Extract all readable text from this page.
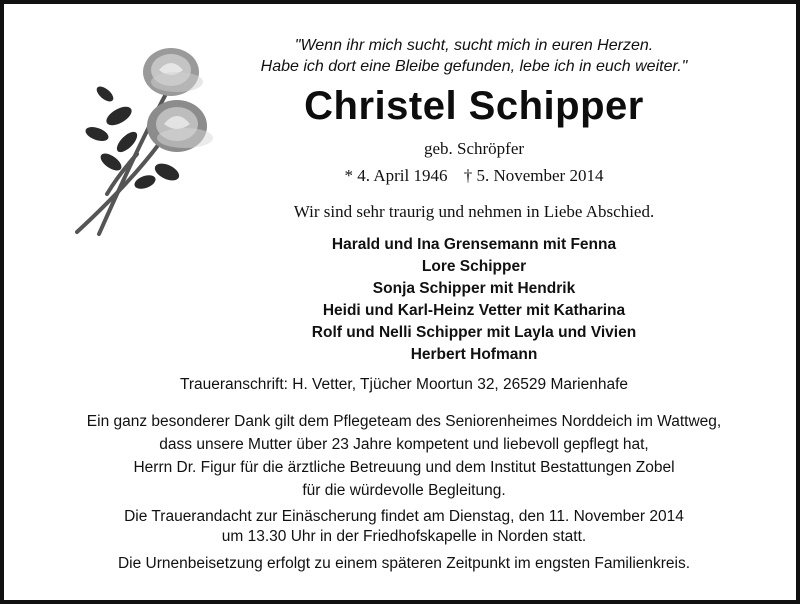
"Wenn ihr mich sucht, sucht mich in euren Herzen.
Habe ich dort eine Bleibe gefunden, lebe ich in euch weiter."
Christel Schipper
geb. Schröpfer
* 4. April 1946 † 5. November 2014
Wir sind sehr traurig und nehmen in Liebe Abschied.
Harald und Ina Grensemann mit Fenna
Lore Schipper
Sonja Schipper mit Hendrik
Heidi und Karl-Heinz Vetter mit Katharina
Rolf und Nelli Schipper mit Layla und Vivien
Herbert Hofmann
Traueranschrift: H. Vetter, Tjücher Moortun 32, 26529 Marienhafe
Ein ganz besonderer Dank gilt dem Pflegeteam des Seniorenheimes Norddeich im Wattweg,
dass unsere Mutter über 23 Jahre kompetent und liebevoll gepflegt hat,
Herrn Dr. Figur für die ärztliche Betreuung und dem Institut Bestattungen Zobel
für die würdevolle Begleitung.
Die Trauerandacht zur Einäscherung findet am Dienstag, den 11. November 2014
um 13.30 Uhr in der Friedhofskapelle in Norden statt.
Die Urnenbeisetzung erfolgt zu einem späteren Zeitpunkt im engsten Familienkreis.
